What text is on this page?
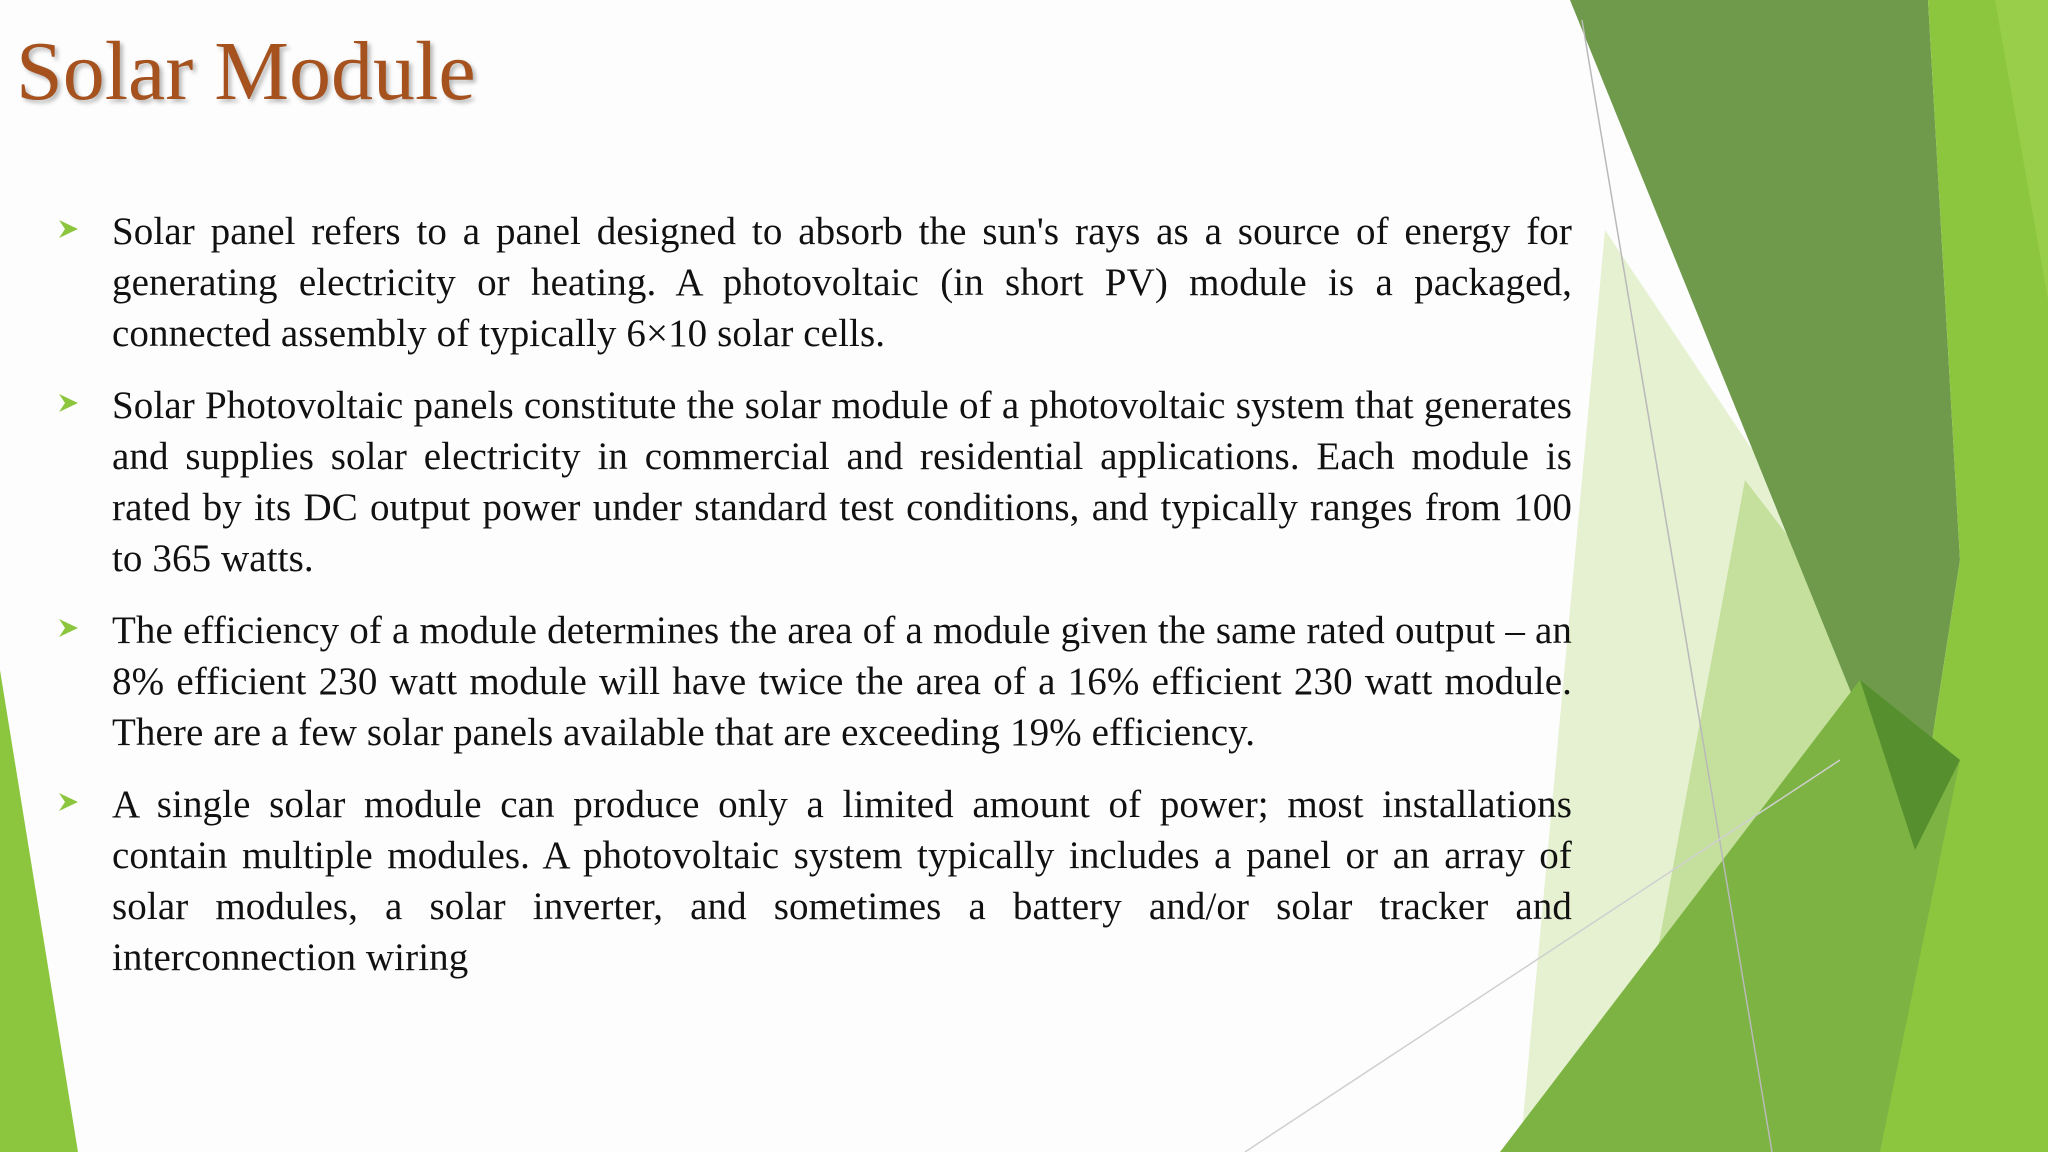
Solar Module
Solar panel refers to a panel designed to absorb the sun's rays as a source of energy for generating electricity or heating. A photovoltaic (in short PV) module is a packaged, connected assembly of typically 6×10 solar cells.
Solar Photovoltaic panels constitute the solar module of a photovoltaic system that generates and supplies solar electricity in commercial and residential applications. Each module is rated by its DC output power under standard test conditions, and typically ranges from 100 to 365 watts.
The efficiency of a module determines the area of a module given the same rated output – an 8% efficient 230 watt module will have twice the area of a 16% efficient 230 watt module. There are a few solar panels available that are exceeding 19% efficiency.
A single solar module can produce only a limited amount of power; most installations contain multiple modules. A photovoltaic system typically includes a panel or an array of solar modules, a solar inverter, and sometimes a battery and/or solar tracker and interconnection wiring
